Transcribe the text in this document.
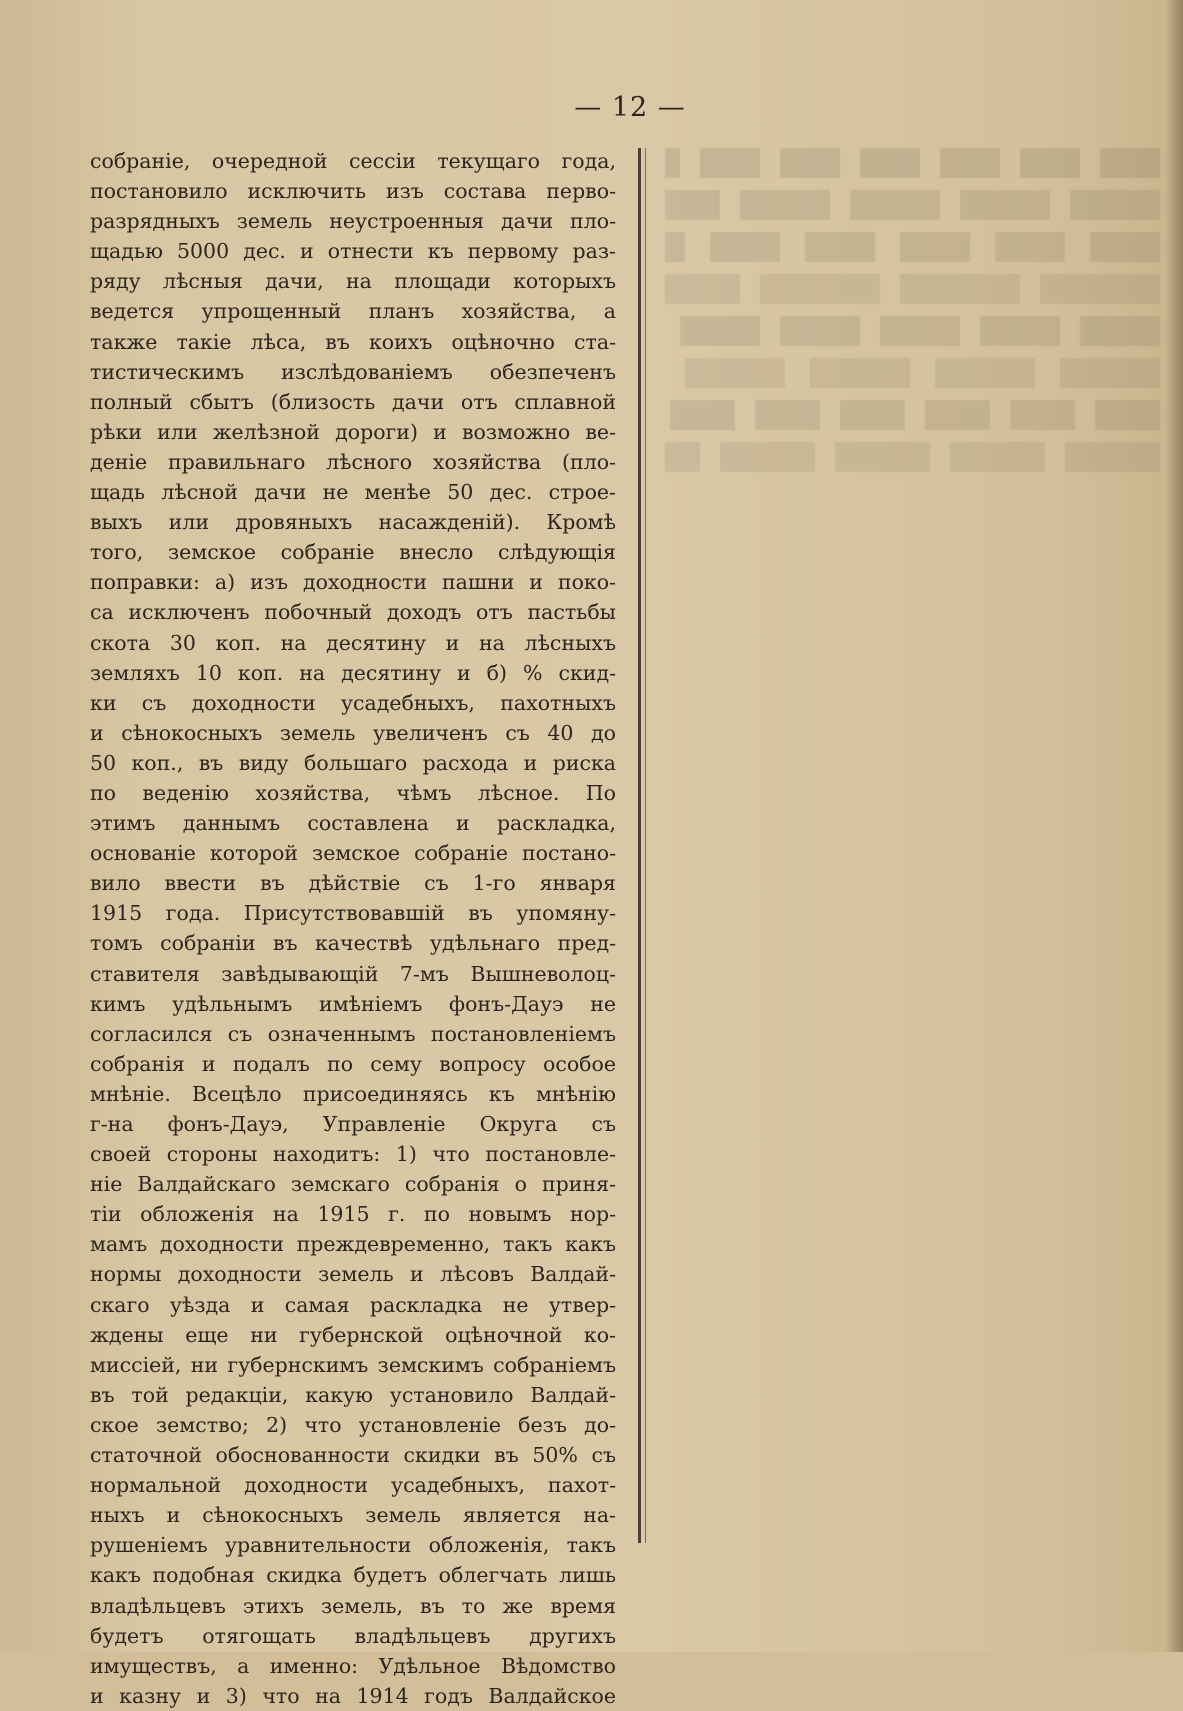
— 12 —
собраніе, очередной сессіи текущаго года,
постановило исключить изъ состава перво-
разрядныхъ земель неустроенныя дачи пло-
щадью 5000 дес. и отнести къ первому раз-
ряду лѣсныя дачи, на площади которыхъ
ведется упрощенный планъ хозяйства, а
также такіе лѣса, въ коихъ оцѣночно ста-
тистическимъ изслѣдованіемъ обезпеченъ
полный сбытъ (близость дачи отъ сплавной
рѣки или желѣзной дороги) и возможно ве-
деніе правильнаго лѣсного хозяйства (пло-
щадь лѣсной дачи не менѣе 50 дес. строе-
выхъ или дровяныхъ насажденій). Кромѣ
того, земское собраніе внесло слѣдующія
поправки: а) изъ доходности пашни и поко-
са исключенъ побочный доходъ отъ пастьбы
скота 30 коп. на десятину и на лѣсныхъ
земляхъ 10 коп. на десятину и б) % скид-
ки съ доходности усадебныхъ, пахотныхъ
и сѣнокосныхъ земель увеличенъ съ 40 до
50 коп., въ виду большаго расхода и риска
по веденію хозяйства, чѣмъ лѣсное. По
этимъ даннымъ составлена и раскладка,
основаніе которой земское собраніе постано-
вило ввести въ дѣйствіе съ 1-го января
1915 года. Присутствовавшій въ упомяну-
томъ собраніи въ качествѣ удѣльнаго пред-
ставителя завѣдывающій 7-мъ Вышневолоц-
кимъ удѣльнымъ имѣніемъ фонъ-Дауэ не
согласился съ означеннымъ постановленіемъ
собранія и подалъ по сему вопросу особое
мнѣніе. Всецѣло присоединяясь къ мнѣнію
г-на фонъ-Дауэ, Управленіе Округа съ
своей стороны находитъ: 1) что постановле-
ніе Валдайскаго земскаго собранія о приня-
тіи обложенія на 1915 г. по новымъ нор-
мамъ доходности преждевременно, такъ какъ
нормы доходности земель и лѣсовъ Валдай-
скаго уѣзда и самая раскладка не утвер-
ждены еще ни губернской оцѣночной ко-
миссіей, ни губернскимъ земскимъ собраніемъ
въ той редакціи, какую установило Валдай-
ское земство; 2) что установленіе безъ до-
статочной обоснованности скидки въ 50% съ
нормальной доходности усадебныхъ, пахот-
ныхъ и сѣнокосныхъ земель является на-
рушеніемъ уравнительности обложенія, такъ
какъ подобная скидка будетъ облегчать лишь
владѣльцевъ этихъ земель, въ то же время
будетъ отягощать владѣльцевъ другихъ
имуществъ, а именно: Удѣльное Вѣдомство
и казну и 3) что на 1914 годъ Валдайское
